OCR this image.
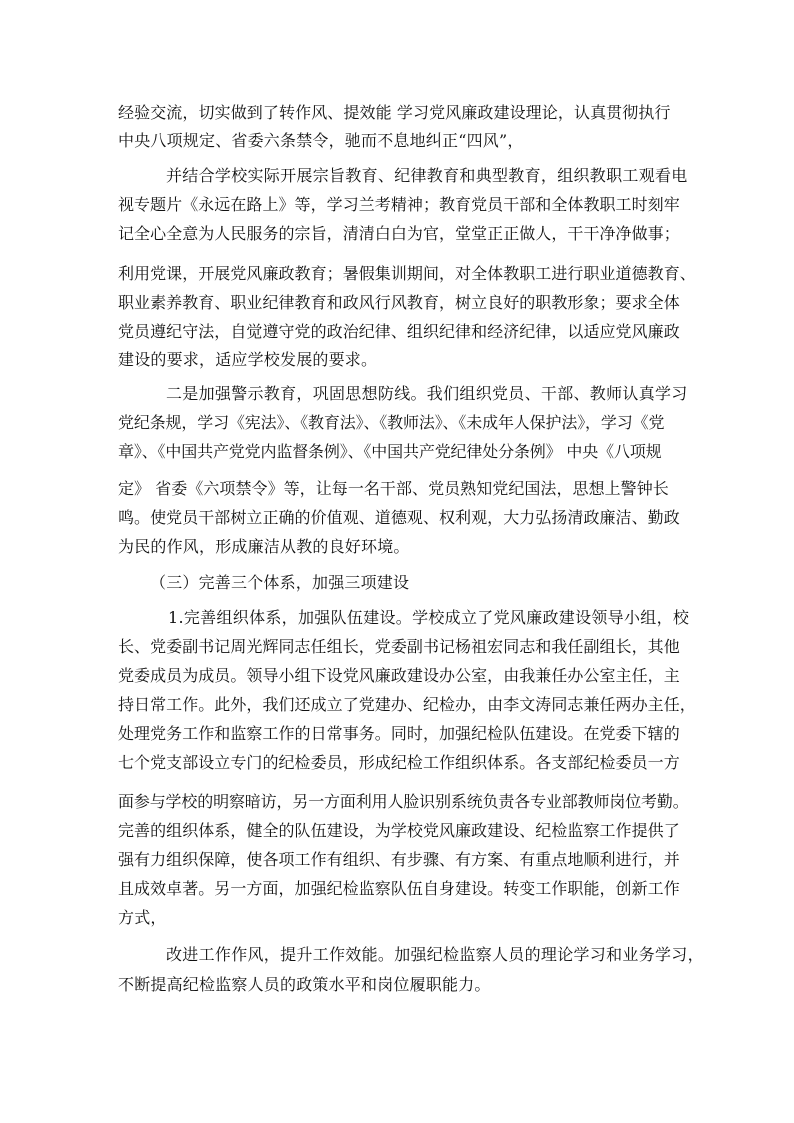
经验交流，切实做到了转作风、提效能 学习党风廉政建设理论，认真贯彻执行
中央八项规定、省委六条禁令，驰而不息地纠正“四风”，
并结合学校实际开展宗旨教育、纪律教育和典型教育，组织教职工观看电
视专题片《永远在路上》等，学习兰考精神；教育党员干部和全体教职工时刻牢
记全心全意为人民服务的宗旨，清清白白为官，堂堂正正做人，干干净净做事；
利用党课，开展党风廉政教育；暑假集训期间，对全体教职工进行职业道德教育、
职业素养教育、职业纪律教育和政风行风教育，树立良好的职教形象；要求全体
党员遵纪守法，自觉遵守党的政治纪律、组织纪律和经济纪律，以适应党风廉政
建设的要求，适应学校发展的要求。
二是加强警示教育，巩固思想防线。我们组织党员、干部、教师认真学习
党纪条规，学习《宪法》、《教育法》、《教师法》、《未成年人保护法》，学习《党
章》、《中国共产党党内监督条例》、《中国共产党纪律处分条例》 中央《八项规
定》 省委《六项禁令》等，让每一名干部、党员熟知党纪国法，思想上警钟长
鸣。使党员干部树立正确的价值观、道德观、权利观，大力弘扬清政廉洁、勤政
为民的作风，形成廉洁从教的良好环境。
（三）完善三个体系，加强三项建设
1.完善组织体系，加强队伍建设。学校成立了党风廉政建设领导小组，校
长、党委副书记周光辉同志任组长，党委副书记杨祖宏同志和我任副组长，其他
党委成员为成员。领导小组下设党风廉政建设办公室，由我兼任办公室主任，主
持日常工作。此外，我们还成立了党建办、纪检办，由李文涛同志兼任两办主任，
处理党务工作和监察工作的日常事务。同时，加强纪检队伍建设。在党委下辖的
七个党支部设立专门的纪检委员，形成纪检工作组织体系。各支部纪检委员一方
面参与学校的明察暗访，另一方面利用人脸识别系统负责各专业部教师岗位考勤。
完善的组织体系，健全的队伍建设，为学校党风廉政建设、纪检监察工作提供了
强有力组织保障，使各项工作有组织、有步骤、有方案、有重点地顺利进行，并
且成效卓著。另一方面，加强纪检监察队伍自身建设。转变工作职能，创新工作
方式，
改进工作作风，提升工作效能。加强纪检监察人员的理论学习和业务学习，
不断提高纪检监察人员的政策水平和岗位履职能力。
